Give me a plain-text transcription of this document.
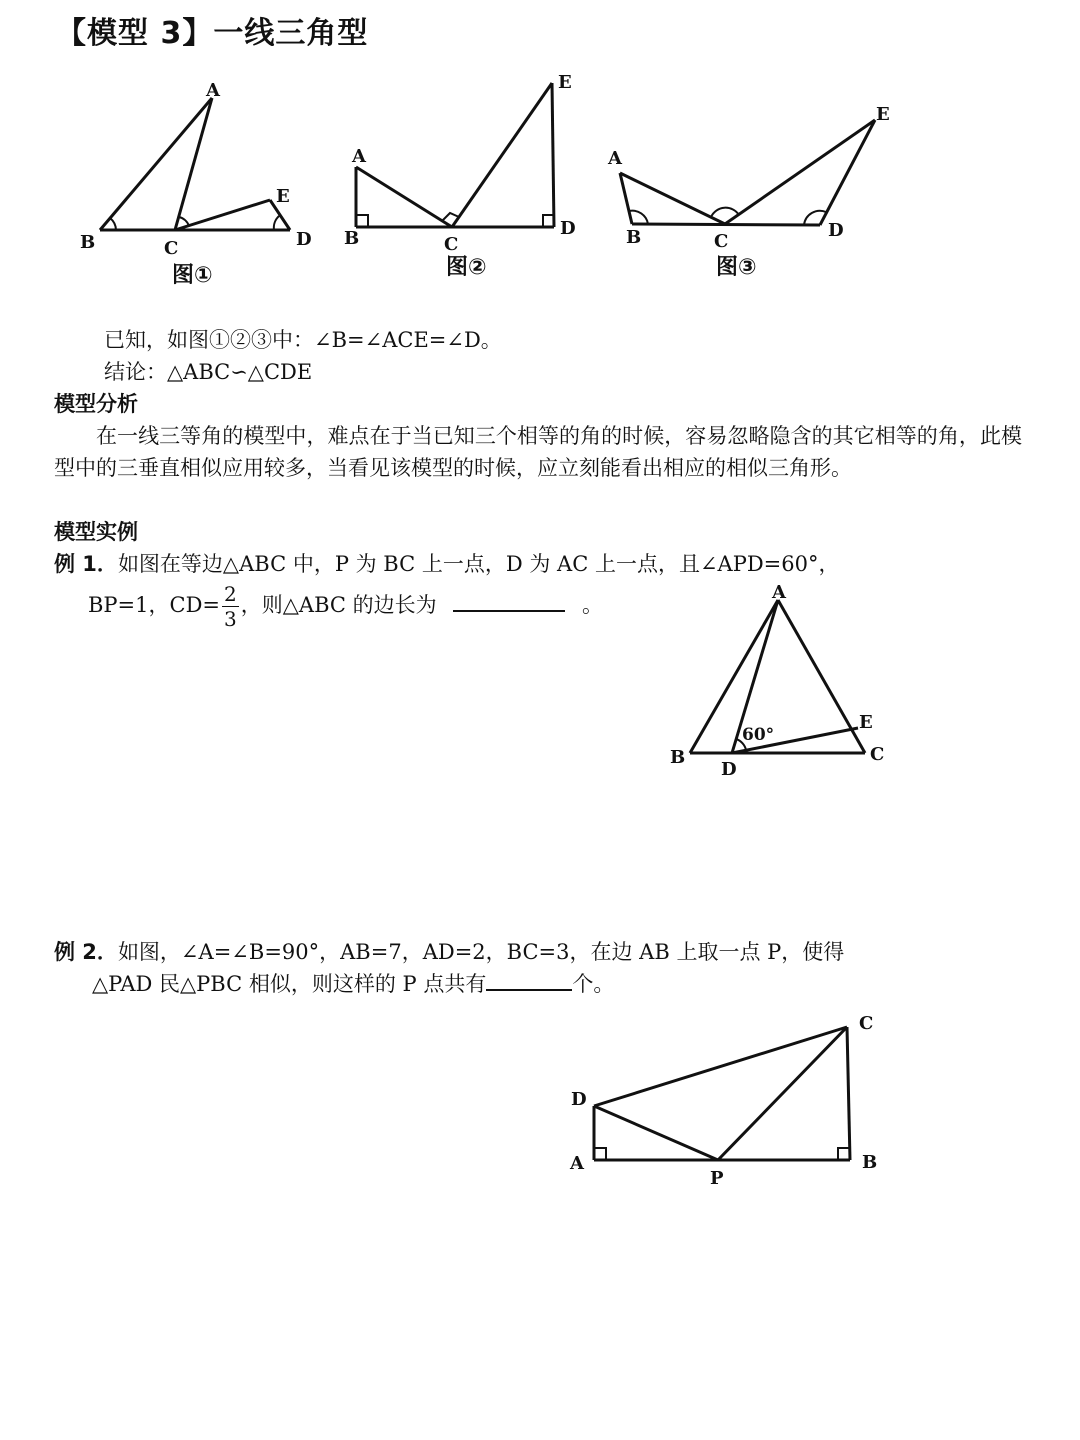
【模型 3】一线三角型
A
B	C	D
E
图①
A
B	C
D
E
图②
A
B	C
D
E
图③
已知，如图①②③中：∠B=∠ACE=∠D。
结论：△ABC∽△CDE
模型分析
在一线三等角的模型中，难点在于当已知三个相等的角的时候，容易忽略隐含的其它相等的角，此模型中的三垂直相似应用较多，当看见该模型的时候，应立刻能看出相应的相似三角形。
模型实例
例 1．如图在等边△ABC 中，P 为 BC 上一点，D 为 AC 上一点，且∠APD=60°，
BP=1，$CD= \frac{2}{3}$ ，则△ABC 的边长为	。
A
B	C
D
E
60°
例 2．如图，∠A=∠B=90°，AB=7，AD=2，BC=3，在边 AB 上取一点 P，使得
△PAD 民△PBC 相似，则这样的 P 点共有	个。
A	B
C
D
P
